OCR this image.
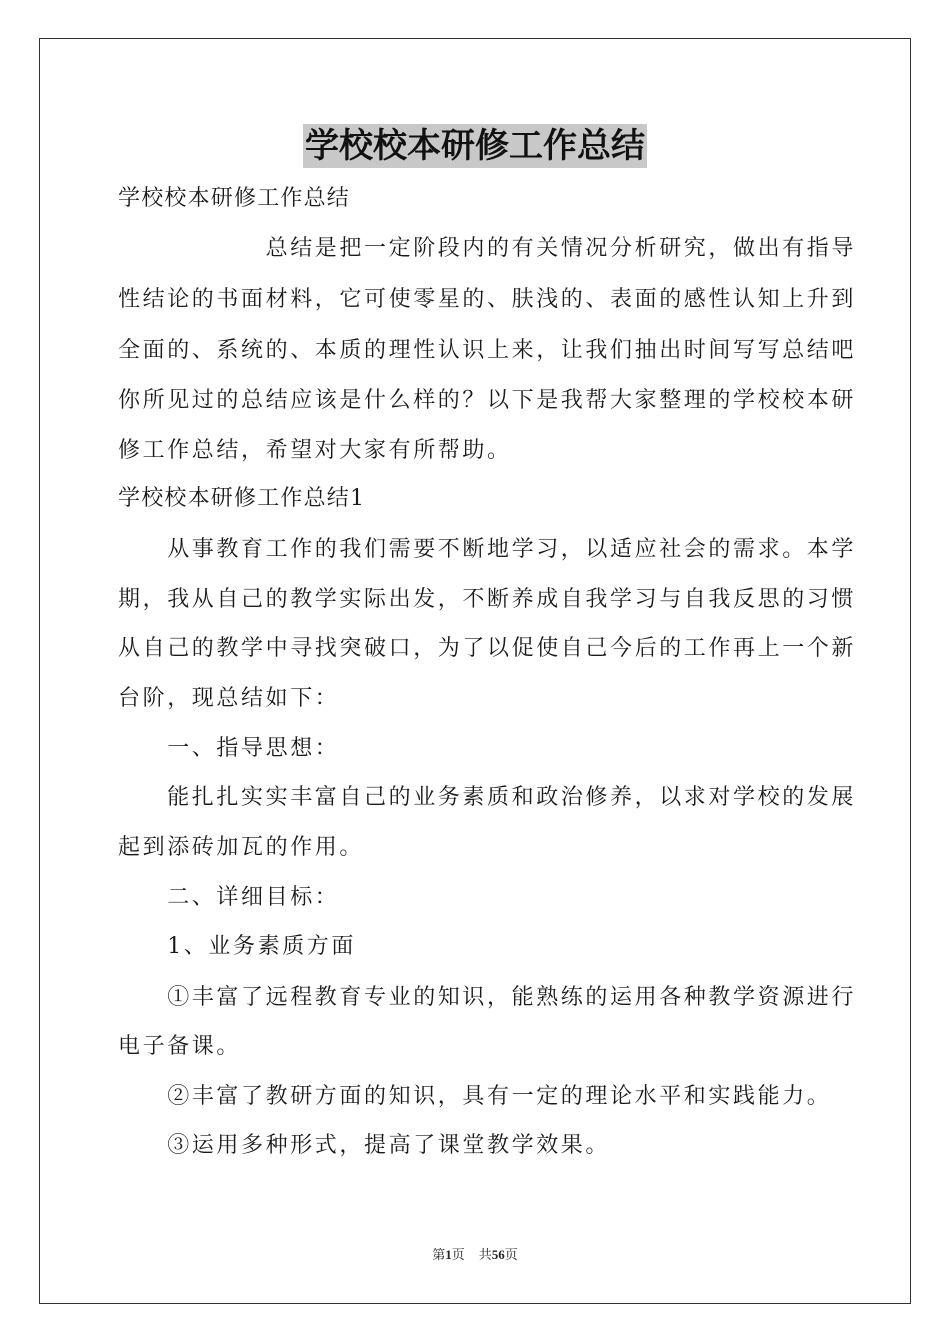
学校校本研修工作总结
学校校本研修工作总结
　　　　　　总结是把一定阶段内的有关情况分析研究，做出有指导
性结论的书面材料，它可使零星的、肤浅的、表面的感性认知上升到
全面的、系统的、本质的理性认识上来，让我们抽出时间写写总结吧
你所见过的总结应该是什么样的？以下是我帮大家整理的学校校本研
修工作总结，希望对大家有所帮助。
学校校本研修工作总结1
　　从事教育工作的我们需要不断地学习，以适应社会的需求。本学
期，我从自己的教学实际出发，不断养成自我学习与自我反思的习惯
从自己的教学中寻找突破口，为了以促使自己今后的工作再上一个新
台阶，现总结如下：
　　一、指导思想：
　　能扎扎实实丰富自己的业务素质和政治修养，以求对学校的发展
起到添砖加瓦的作用。
　　二、详细目标：
　　1、业务素质方面
　　①丰富了远程教育专业的知识，能熟练的运用各种教学资源进行
电子备课。
　　②丰富了教研方面的知识，具有一定的理论水平和实践能力。
　　③运用多种形式，提高了课堂教学效果。
第1页 共56页
